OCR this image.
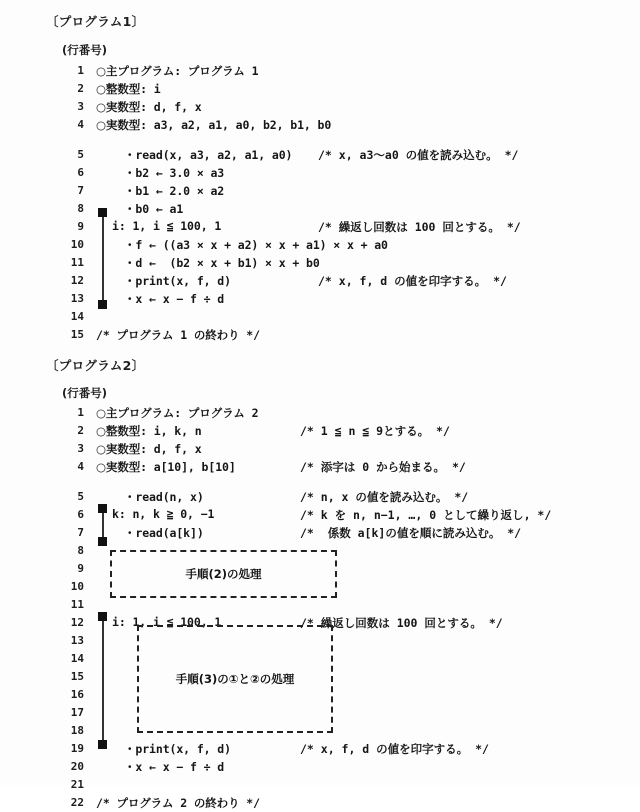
〔プログラム1〕
(行番号)
1 ○主プログラム: プログラム 1
2 ○整数型: i
3 ○実数型: d, f, x
4 ○実数型: a3, a2, a1, a0, b2, b1, b0
5	・read(x, a3, a2, a1, a0) /* x, a3〜a0 の値を読み込む。 */
6	・b2 ← 3.0 × a3
7	・b1 ← 2.0 × a2
8	・b0 ← a1
9 i: 1, i ≦ 100, 1	/* 繰返し回数は 100 回とする。 */
10	・f ← ((a3 × x + a2) × x + a1) × x + a0
11	・d ←  (b2 × x + b1) × x + b0
12	・print(x, f, d)	/* x, f, d の値を印字する。 */
13	・x ← x − f ÷ d
14
15 /* プログラム 1 の終わり */
〔プログラム2〕
(行番号)
1 ○主プログラム: プログラム 2
2 ○整数型: i, k, n	/* 1 ≦ n ≦ 9とする。 */
3 ○実数型: d, f, x
4 ○実数型: a[10], b[10]	/* 添字は 0 から始まる。 */
5	・read(n, x)	/* n, x の値を読み込む。 */
6 k: n, k ≧ 0, −1	/* k を n, n−1, …, 0 として繰り返し, */
7	・read(a[k])	/*  係数 a[k]の値を順に読み込む。 */
8
9
10
11
12 i: 1, i ≦ 100, 1	/* 繰返し回数は 100 回とする。 */
13
14
15
16
17
18
19	・print(x, f, d)	/* x, f, d の値を印字する。 */
20	・x ← x − f ÷ d
21
22 /* プログラム 2 の終わり */
手順(2)の処理
手順(3)の①と②の処理
